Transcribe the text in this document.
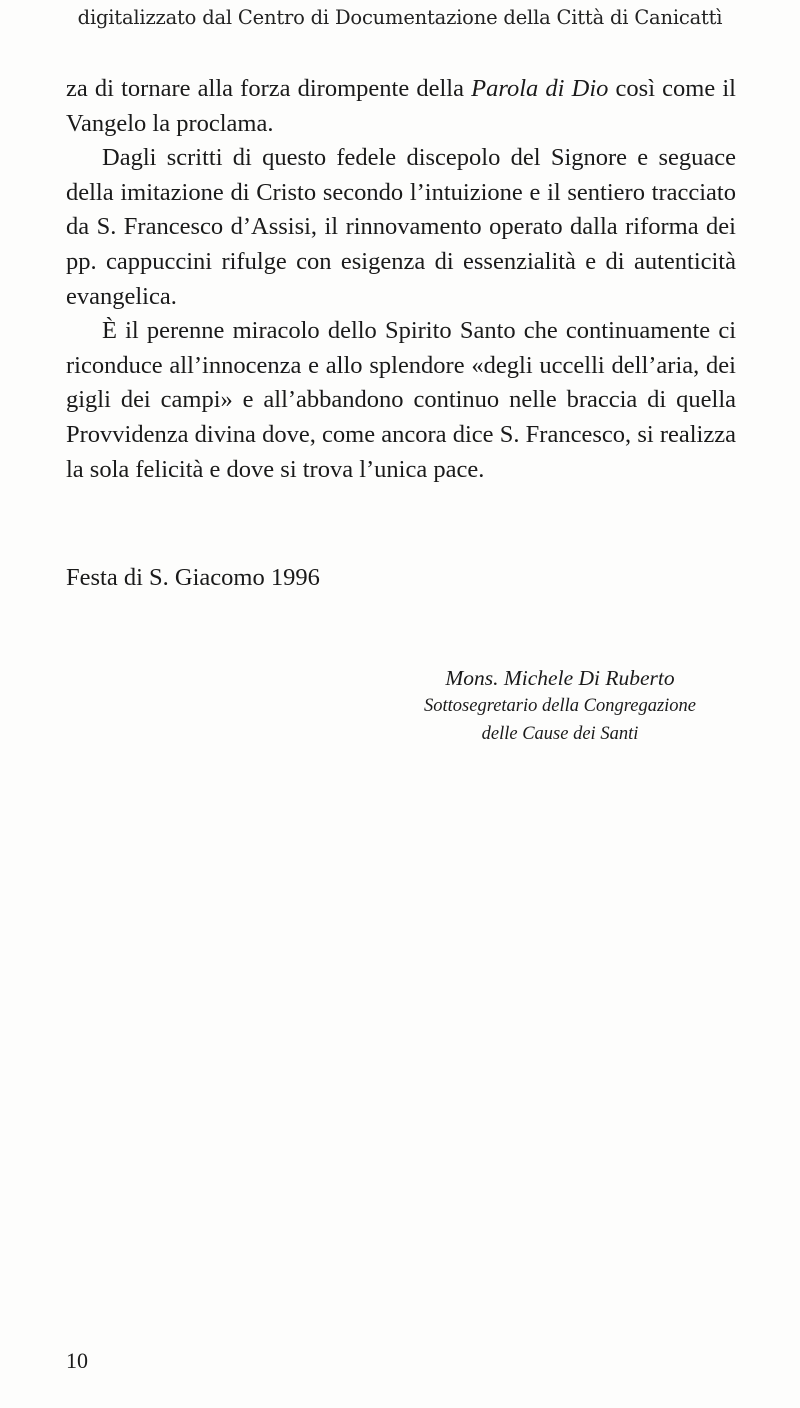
digitalizzato dal Centro di Documentazione della Città di Canicattì

za di tornare alla forza dirompente della Parola di Dio così come il Vangelo la proclama.

Dagli scritti di questo fedele discepolo del Signore e seguace della imitazione di Cristo secondo l’intuizione e il sentiero tracciato da S. Francesco d’Assisi, il rinnovamento operato dalla riforma dei pp. cappuccini rifulge con esigenza di essenzialità e di autenticità evangelica.

È il perenne miracolo dello Spirito Santo che continuamente ci riconduce all’innocenza e allo splendore «degli uccelli dell’aria, dei gigli dei campi» e all’abbandono continuo nelle braccia di quella Provvidenza divina dove, come ancora dice S. Francesco, si realizza la sola felicità e dove si trova l’unica pace.

Festa di S. Giacomo 1996
Mons. Michele Di Ruberto
Sottosegretario della Congregazione
delle Cause dei Santi
10
